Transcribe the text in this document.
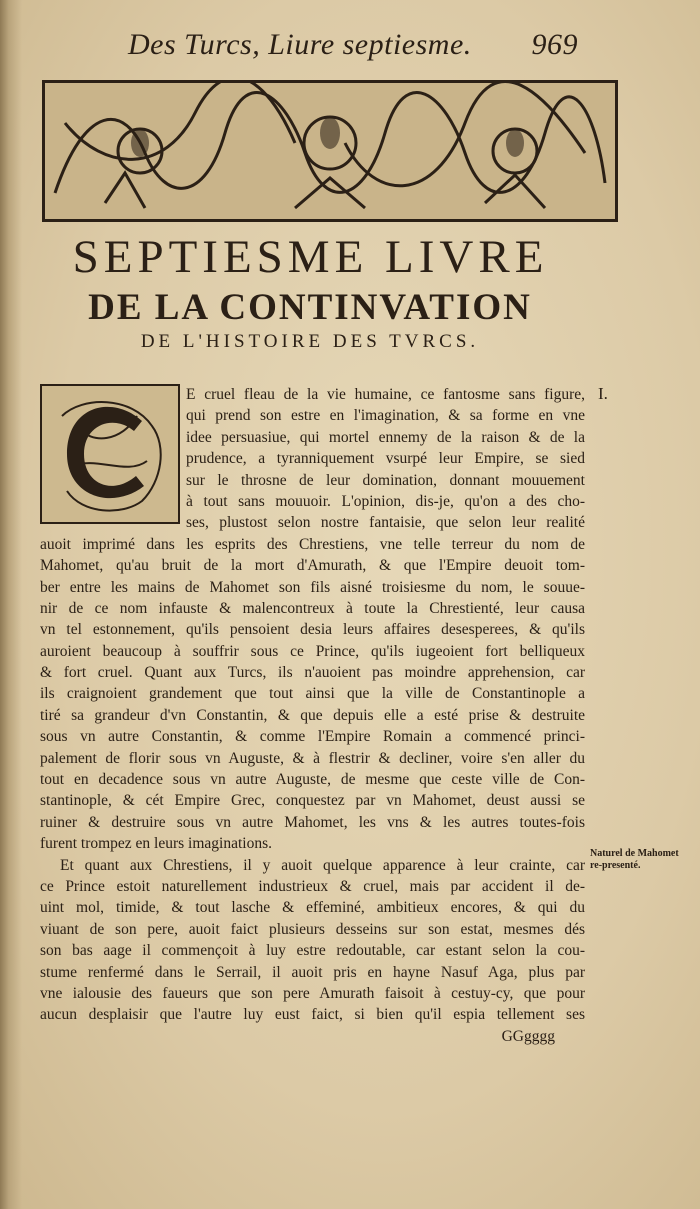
Des Turcs, Liure septiesme. 969
SEPTIESME LIVRE
DE LA CONTINVATION
DE L'HISTOIRE DES TVRCS.
E cruel fleau de la vie humaine, ce fantosme sans figure,
qui prend son estre en l'imagination, & sa forme en vne
idee persuasiue, qui mortel ennemy de la raison & de la
prudence, a tyranniquement vsurpé leur Empire, se sied
sur le throsne de leur domination, donnant mouuement
à tout sans mouuoir. L'opinion, dis-je, qu'on a des cho-
ses, plustost selon nostre fantaisie, que selon leur realité
auoit imprimé dans les esprits des Chrestiens, vne telle terreur du nom de
Mahomet, qu'au bruit de la mort d'Amurath, & que l'Empire deuoit tom-
ber entre les mains de Mahomet son fils aisné troisiesme du nom, le souue-
nir de ce nom infauste & malencontreux à toute la Chrestienté, leur causa
vn tel estonnement, qu'ils pensoient desia leurs affaires desesperees, & qu'ils
auroient beaucoup à souffrir sous ce Prince, qu'ils iugeoient fort belliqueux
& fort cruel. Quant aux Turcs, ils n'auoient pas moindre apprehension, car
ils craignoient grandement que tout ainsi que la ville de Constantinople a
tiré sa grandeur d'vn Constantin, & que depuis elle a esté prise & destruite
sous vn autre Constantin, & comme l'Empire Romain a commencé princi-
palement de florir sous vn Auguste, & à flestrir & decliner, voire s'en aller du
tout en decadence sous vn autre Auguste, de mesme que ceste ville de Con-
stantinople, & cét Empire Grec, conquestez par vn Mahomet, deust aussi se
ruiner & destruire sous vn autre Mahomet, les vns & les autres toutes-fois
furent trompez en leurs imaginations.
Et quant aux Chrestiens, il y auoit quelque apparence à leur crainte, car
ce Prince estoit naturellement industrieux & cruel, mais par accident il de-
uint mol, timide, & tout lasche & effeminé, ambitieux encores, & qui du
viuant de son pere, auoit faict plusieurs desseins sur son estat, mesmes dés
son bas aage il commençoit à luy estre redoutable, car estant selon la cou-
stume renfermé dans le Serrail, il auoit pris en hayne Nasuf Aga, plus par
vne ialousie des faueurs que son pere Amurath faisoit à cestuy-cy, que pour
aucun desplaisir que l'autre luy eust faict, si bien qu'il espia tellement ses
GGgggg
I.
Naturel de Mahomet re-presenté.
